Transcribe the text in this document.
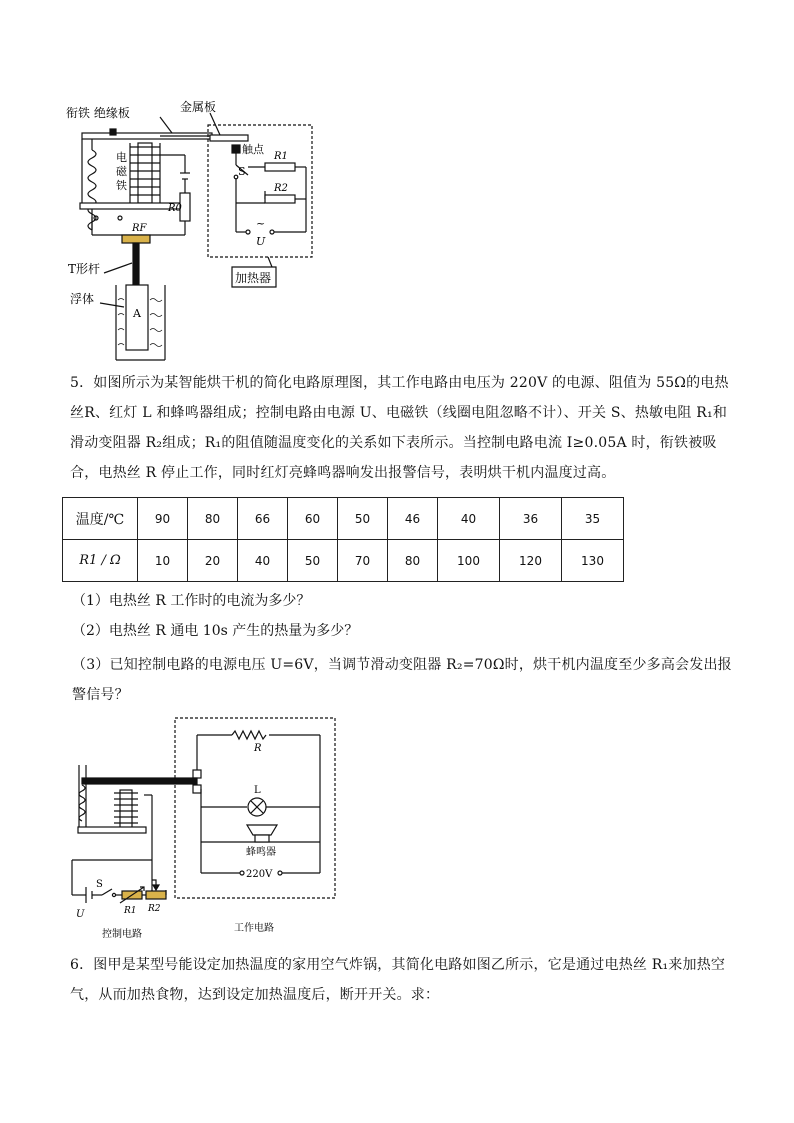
衔铁 绝缘板	金属板
触点
电
磁
铁
S
R1
R2
R0
RF	~
U
加热器
T形杆
浮体
A
5．如图所示为某智能烘干机的简化电路原理图，其工作电路由电压为 220V 的电源、阻值为 55Ω的电热丝R、红灯 L 和蜂鸣器组成；控制电路由电源 U、电磁铁（线圈电阻忽略不计）、开关 S、热敏电阻 R₁和滑动变阻器 R₂组成；R₁的阻值随温度变化的关系如下表所示。当控制电路电流 I≥0.05A 时，衔铁被吸合，电热丝 R 停止工作，同时红灯亮蜂鸣器响发出报警信号，表明烘干机内温度过高。
温度/℃	90	80	66	60	50	46	40	36	35
R1 / Ω	10	20	40	50	70	80	100	120	130
（1）电热丝 R 工作时的电流为多少？
（2）电热丝 R 通电 10s 产生的热量为多少？
（3）已知控制电路的电源电压 U=6V，当调节滑动变阻器 R₂=70Ω时，烘干机内温度至少多高会发出报警信号？
R
L
蜂鸣器
220V
S
U	R1 R2
控制电路
工作电路
6．图甲是某型号能设定加热温度的家用空气炸锅，其简化电路如图乙所示，它是通过电热丝 R₁来加热空气，从而加热食物，达到设定加热温度后，断开开关。求：
